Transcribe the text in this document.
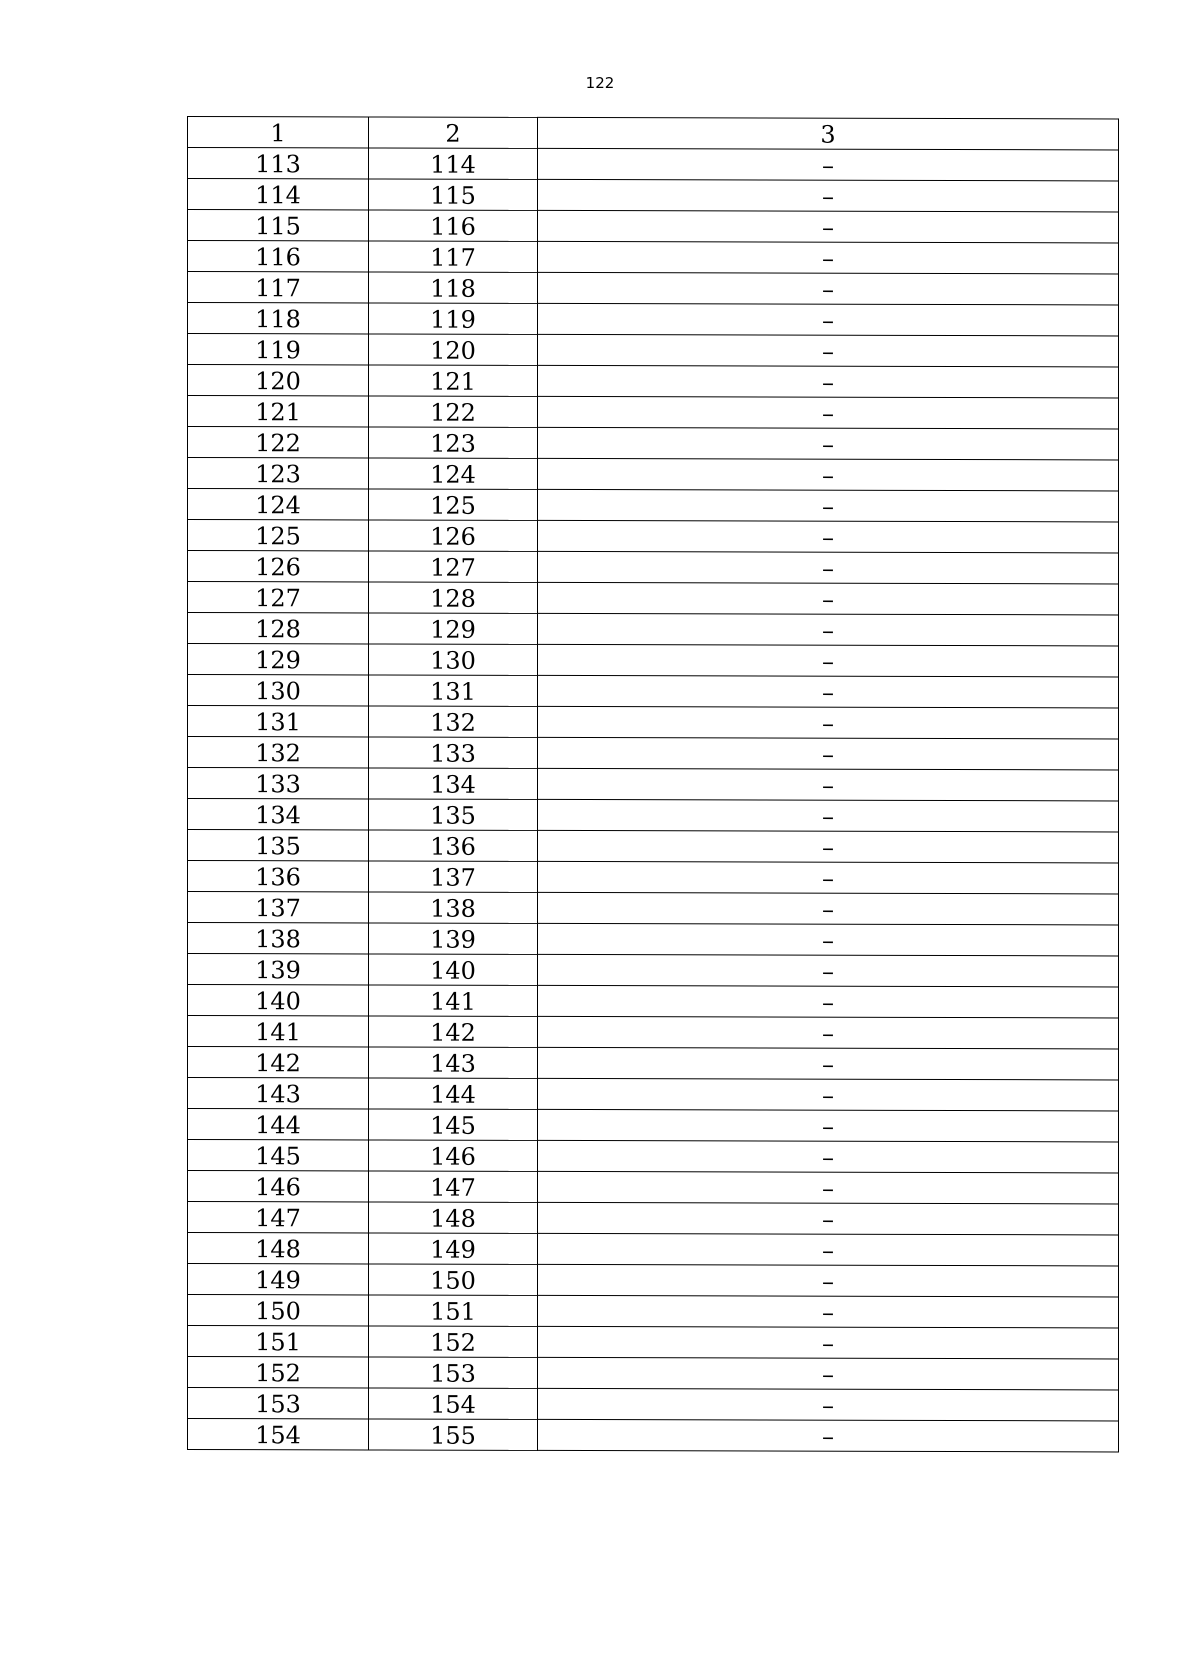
122
1	2	3
113	114	–
114	115	–
115	116	–
116	117	–
117	118	–
118	119	–
119	120	–
120	121	–
121	122	–
122	123	–
123	124	–
124	125	–
125	126	–
126	127	–
127	128	–
128	129	–
129	130	–
130	131	–
131	132	–
132	133	–
133	134	–
134	135	–
135	136	–
136	137	–
137	138	–
138	139	–
139	140	–
140	141	–
141	142	–
142	143	–
143	144	–
144	145	–
145	146	–
146	147	–
147	148	–
148	149	–
149	150	–
150	151	–
151	152	–
152	153	–
153	154	–
154	155	–
